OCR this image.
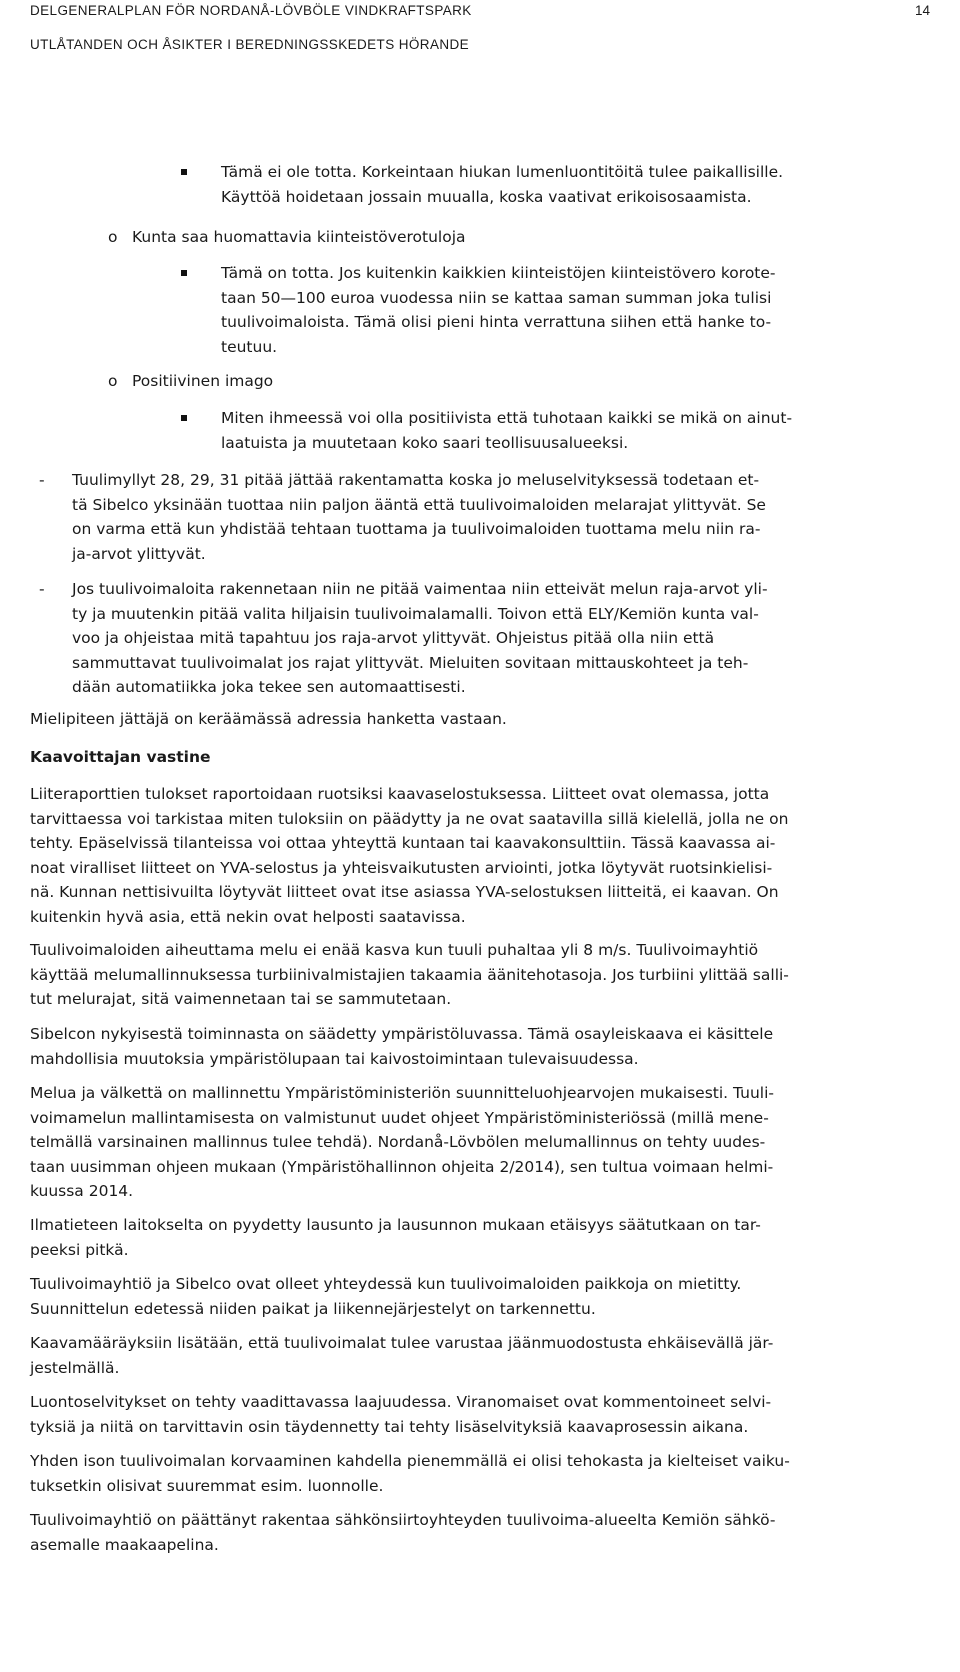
DELGENERALPLAN FÖR NORDANÅ-LÖVBÖLE VINDKRAFTSPARK
UTLÅTANDEN OCH ÅSIKTER I BEREDNINGSSKEDETS HÖRANDE
14

Tämä ei ole totta. Korkeintaan hiukan lumenluontitöitä tulee paikallisille.

Käyttöä hoidetaan jossain muualla, koska vaativat erikoisosaamista.

o Kunta saa huomattavia kiinteistöverotuloja

Tämä on totta. Jos kuitenkin kaikkien kiinteistöjen kiinteistövero korote-

taan 50—100 euroa vuodessa niin se kattaa saman summan joka tulisi

tuulivoimaloista. Tämä olisi pieni hinta verrattuna siihen että hanke to-

teutuu.

o Positiivinen imago

Miten ihmeessä voi olla positiivista että tuhotaan kaikki se mikä on ainut-

laatuista ja muutetaan koko saari teollisuusalueeksi.

- Tuulimyllyt 28, 29, 31 pitää jättää rakentamatta koska jo meluselvityksessä todetaan et-

tä Sibelco yksinään tuottaa niin paljon ääntä että tuulivoimaloiden melarajat ylittyvät. Se

on varma että kun yhdistää tehtaan tuottama ja tuulivoimaloiden tuottama melu niin ra-

ja-arvot ylittyvät.

- Jos tuulivoimaloita rakennetaan niin ne pitää vaimentaa niin etteivät melun raja-arvot yli-

ty ja muutenkin pitää valita hiljaisin tuulivoimalamalli. Toivon että ELY/Kemiön kunta val-

voo ja ohjeistaa mitä tapahtuu jos raja-arvot ylittyvät. Ohjeistus pitää olla niin että

sammuttavat tuulivoimalat jos rajat ylittyvät. Mieluiten sovitaan mittauskohteet ja teh-

dään automatiikka joka tekee sen automaattisesti.

Mielipiteen jättäjä on keräämässä adressia hanketta vastaan.

Kaavoittajan vastine

Liiteraporttien tulokset raportoidaan ruotsiksi kaavaselostuksessa. Liitteet ovat olemassa, jotta

tarvittaessa voi tarkistaa miten tuloksiin on päädytty ja ne ovat saatavilla sillä kielellä, jolla ne on

tehty. Epäselvissä tilanteissa voi ottaa yhteyttä kuntaan tai kaavakonsulttiin. Tässä kaavassa ai-

noat viralliset liitteet on YVA-selostus ja yhteisvaikutusten arviointi, jotka löytyvät ruotsinkielisi-

nä. Kunnan nettisivuilta löytyvät liitteet ovat itse asiassa YVA-selostuksen liitteitä, ei kaavan. On

kuitenkin hyvä asia, että nekin ovat helposti saatavissa.

Tuulivoimaloiden aiheuttama melu ei enää kasva kun tuuli puhaltaa yli 8 m/s. Tuulivoimayhtiö

käyttää melumallinnuksessa turbiinivalmistajien takaamia äänitehotasoja. Jos turbiini ylittää salli-

tut melurajat, sitä vaimennetaan tai se sammutetaan.

Sibelcon nykyisestä toiminnasta on säädetty ympäristöluvassa. Tämä osayleiskaava ei käsittele

mahdollisia muutoksia ympäristölupaan tai kaivostoimintaan tulevaisuudessa.

Melua ja välkettä on mallinnettu Ympäristöministeriön suunnitteluohjearvojen mukaisesti. Tuuli-

voimamelun mallintamisesta on valmistunut uudet ohjeet Ympäristöministeriössä (millä mene-

telmällä varsinainen mallinnus tulee tehdä). Nordanå-Lövbölen melumallinnus on tehty uudes-

taan uusimman ohjeen mukaan (Ympäristöhallinnon ohjeita 2/2014), sen tultua voimaan helmi-

kuussa 2014.

Ilmatieteen laitokselta on pyydetty lausunto ja lausunnon mukaan etäisyys säätutkaan on tar-

peeksi pitkä.

Tuulivoimayhtiö ja Sibelco ovat olleet yhteydessä kun tuulivoimaloiden paikkoja on mietitty.

Suunnittelun edetessä niiden paikat ja liikennejärjestelyt on tarkennettu.

Kaavamääräyksiin lisätään, että tuulivoimalat tulee varustaa jäänmuodostusta ehkäisevällä jär-

jestelmällä.

Luontoselvitykset on tehty vaadittavassa laajuudessa. Viranomaiset ovat kommentoineet selvi-

tyksiä ja niitä on tarvittavin osin täydennetty tai tehty lisäselvityksiä kaavaprosessin aikana.

Yhden ison tuulivoimalan korvaaminen kahdella pienemmällä ei olisi tehokasta ja kielteiset vaiku-

tuksetkin olisivat suuremmat esim. luonnolle.

Tuulivoimayhtiö on päättänyt rakentaa sähkönsiirtoyhteyden tuulivoima-alueelta Kemiön sähkö-

asemalle maakaapelina.
